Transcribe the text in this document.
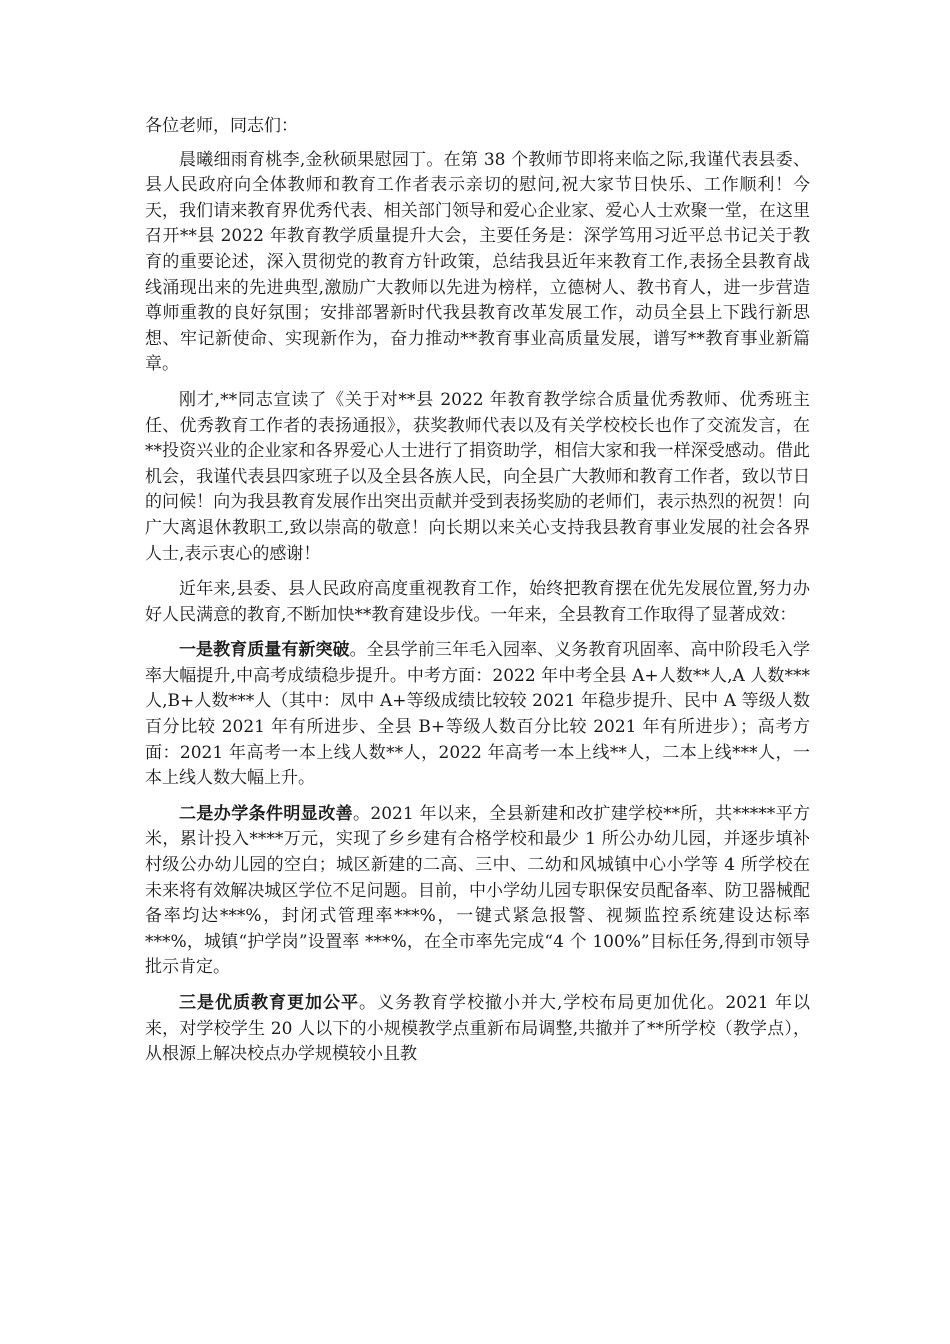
各位老师，同志们：

晨曦细雨育桃李,金秋硕果慰园丁。在第 38 个教师节即将来临之际,我谨代表县委、县人民政府向全体教师和教育工作者表示亲切的慰问,祝大家节日快乐、工作顺利！今天，我们请来教育界优秀代表、相关部门领导和爱心企业家、爱心人士欢聚一堂，在这里召开**县 2022 年教育教学质量提升大会，主要任务是：深学笃用习近平总书记关于教育的重要论述，深入贯彻党的教育方针政策，总结我县近年来教育工作,表扬全县教育战线涌现出来的先进典型,激励广大教师以先进为榜样，立德树人、教书育人，进一步营造尊师重教的良好氛围；安排部署新时代我县教育改革发展工作，动员全县上下践行新思想、牢记新使命、实现新作为，奋力推动**教育事业高质量发展，谱写**教育事业新篇章。

刚才,**同志宣读了《关于对**县 2022 年教育教学综合质量优秀教师、优秀班主任、优秀教育工作者的表扬通报》，获奖教师代表以及有关学校校长也作了交流发言，在**投资兴业的企业家和各界爱心人士进行了捐资助学，相信大家和我一样深受感动。借此机会，我谨代表县四家班子以及全县各族人民，向全县广大教师和教育工作者，致以节日的问候！向为我县教育发展作出突出贡献并受到表扬奖励的老师们，表示热烈的祝贺！向广大离退休教职工,致以崇高的敬意！向长期以来关心支持我县教育事业发展的社会各界人士,表示衷心的感谢！

近年来,县委、县人民政府高度重视教育工作，始终把教育摆在优先发展位置,努力办好人民满意的教育,不断加快**教育建设步伐。一年来，全县教育工作取得了显著成效：

一是教育质量有新突破。全县学前三年毛入园率、义务教育巩固率、高中阶段毛入学率大幅提升,中高考成绩稳步提升。中考方面：2022 年中考全县 A+人数**人,A 人数***人,B+人数***人（其中：凤中 A+等级成绩比较较 2021 年稳步提升、民中 A 等级人数百分比较 2021 年有所进步、全县 B+等级人数百分比较 2021 年有所进步）；高考方面：2021 年高考一本上线人数**人，2022 年高考一本上线**人，二本上线***人，一本上线人数大幅上升。

二是办学条件明显改善。2021 年以来，全县新建和改扩建学校**所，共*****平方米，累计投入****万元，实现了乡乡建有合格学校和最少 1 所公办幼儿园，并逐步填补村级公办幼儿园的空白；城区新建的二高、三中、二幼和风城镇中心小学等 4 所学校在未来将有效解决城区学位不足问题。目前，中小学幼儿园专职保安员配备率、防卫器械配备率均达***%，封闭式管理率***%，一键式紧急报警、视频监控系统建设达标率***%，城镇“护学岗”设置率 ***%，在全市率先完成“4 个 100%”目标任务,得到市领导批示肯定。

三是优质教育更加公平。义务教育学校撤小并大,学校布局更加优化。2021 年以来，对学校学生 20 人以下的小规模教学点重新布局调整,共撤并了**所学校（教学点），从根源上解决校点办学规模较小且教
